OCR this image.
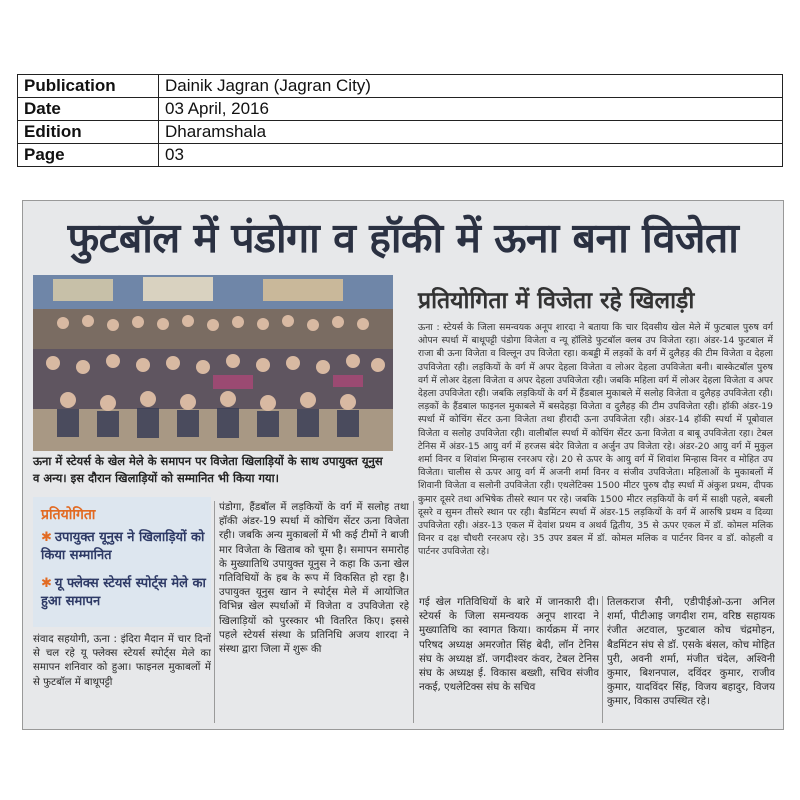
Publication	Dainik Jagran (Jagran City)
Date	03 April, 2016
Edition	Dharamshala
Page	03
फुटबॉल में पंडोगा व हॉकी में ऊना बना विजेता
ऊना में स्टेयर्स के खेल मेले के समापन पर विजेता खिलाड़ियों के साथ उपायुक्त यूनुस व अन्य। इस दौरान खिलाड़ियों को सम्मानित भी किया गया।
प्रतियोगिता में विजेता रहे खिलाड़ी
ऊना : स्टेयर्स के जिला समन्वयक अनूप शारदा ने बताया कि चार दिवसीय खेल मेले में फुटबाल पुरुष वर्ग ओपन स्पर्धा में बाथूपट्टी पंडोगा विजेता व न्यू हॉलिडे फुटबॉल क्लब उप विजेता रहा। अंडर-14 फुटबाल में राजा बी ऊना विजेता व विल्लून उप विजेता रहा। कबड्डी में लड़कों के वर्ग में दुलैहड़ की टीम विजेता व देहला उपविजेता रही। लड़कियों के वर्ग में अपर देहला विजेता व लोअर देहला उपविजेता बनी। बास्केटबॉल पुरुष वर्ग में लोअर देहला विजेता व अपर देहला उपविजेता रही। जबकि महिला वर्ग में लोअर देहला विजेता व अपर देहला उपविजेता रही। जबकि लड़कियों के वर्ग में हैंडबाल मुकाबले में सलोह विजेता व दुलैहड़ उपविजेता रही। लड़कों के हैंडबाल फाइनल मुकाबले में बसदेहड़ा विजेता व दुलैहड़ की टीम उपविजेता रही। हॉकी अंडर-19 स्पर्धा में कोचिंग सेंटर ऊना विजेता तथा हीरादी ऊना उपविजेता रही। अंडर-14 हॉकी स्पर्धा में पूबोवाल विजेता व सलोह उपविजेता रही। वालीबॉल स्पर्धा में कोचिंग सेंटर ऊना विजेता व बाबू उपविजेता रहा। टेबल टेनिस में अंडर-15 आयु वर्ग में हरजस बंदेर विजेता व अर्जुन उप विजेता रहे। अंडर-20 आयु वर्ग में मुकुल शर्मा विनर व शिवांश मिन्हास रनरअप रहे। 20 से ऊपर के आयु वर्ग में शिवांश मिन्हास विनर व मोहित उप विजेता। चालीस से ऊपर आयु वर्ग में अजनी शर्मा विनर व संजीव उपविजेता। महिलाओं के मुकाबलों में शिवानी विजेता व सलोनी उपविजेता रही। एथलेटिक्स 1500 मीटर पुरुष दौड़ स्पर्धा में अंकुश प्रथम, दीपक कुमार दूसरे तथा अभिषेक तीसरे स्थान पर रहे। जबकि 1500 मीटर लड़कियों के वर्ग में साक्षी पहले, बबली दूसरे व सुमन तीसरे स्थान पर रही। बैडमिंटन स्पर्धा में अंडर-15 लड़कियों के वर्ग में आरुषि प्रथम व दिव्या उपविजेता रही। अंडर-13 एकल में देवांश प्रथम व अथर्व द्वितीय, 35 से ऊपर एकल में डॉ. कोमल मलिक विनर व दक्ष चौधरी रनरअप रहे। 35 उपर डबल में डॉ. कोमल मलिक व पार्टनर विनर व डॉ. कोहली व पार्टनर उपविजेता रहे।
प्रतियोगिता
✱ उपायुक्त यूनुस ने खिलाड़ियों को किया सम्मानित
✱ यू फ्लेक्स स्टेयर्स स्पोर्ट्स मेले का हुआ समापन
संवाद सहयोगी, ऊना : इंदिरा मैदान में चार दिनों से चल रहे यू फ्लेक्स स्टेयर्स स्पोर्ट्स मेले का समापन शनिवार को हुआ। फाइनल मुकाबलों में से फुटबॉल में बाथूपट्टी
पंडोगा, हैंडबॉल में लड़कियों के वर्ग में सलोह तथा हॉकी अंडर-19 स्पर्धा में कोचिंग सेंटर ऊना विजेता रही। जबकि अन्य मुकाबलों में भी कई टीमों ने बाजी मार विजेता के खिताब को चूमा है। समापन समारोह के मुख्यातिथि उपायुक्त यूनुस ने कहा कि ऊना खेल गतिविधियों के हब के रूप में विकसित हो रहा है। उपायुक्त यूनुस खान ने स्पोर्ट्स मेले में आयोजित विभिन्न खेल स्पर्धाओं में विजेता व उपविजेता रहे खिलाड़ियों को पुरस्कार भी वितरित किए। इससे पहले स्टेयर्स संस्था के प्रतिनिधि अजय शारदा ने संस्था द्वारा जिला में शुरू की
गई खेल गतिविधियों के बारे में जानकारी दी। स्टेयर्स के जिला समन्वयक अनूप शारदा ने मुख्यातिथि का स्वागत किया। कार्यक्रम में नगर परिषद अध्यक्ष अमरजोत सिंह बेदी, लॉन टेनिस संघ के अध्यक्ष डॉ. जगदीश्वर कंवर, टेबल टेनिस संघ के अध्यक्ष ई. विकास बख्शी, सचिव संजीव नकई, एथलेटिक्स संघ के सचिव
तिलकराज सैनी, एडीपीईओ-ऊना अनिल शर्मा, पीटीआइ जगदीश राम, वरिष्ठ सहायक रंजीत अटवाल, फुटबाल कोच चंद्रमोहन, बैडमिंटन संघ से डॉ. एसके बंसल, कोच मोहित पुरी, अवनी शर्मा, मंजीत चंदेल, अश्विनी कुमार, बिशनपाल, दविंदर कुमार, राजीव कुमार, यादविंदर सिंह, विजय बहादुर, विजय कुमार, विकास उपस्थित रहे।
